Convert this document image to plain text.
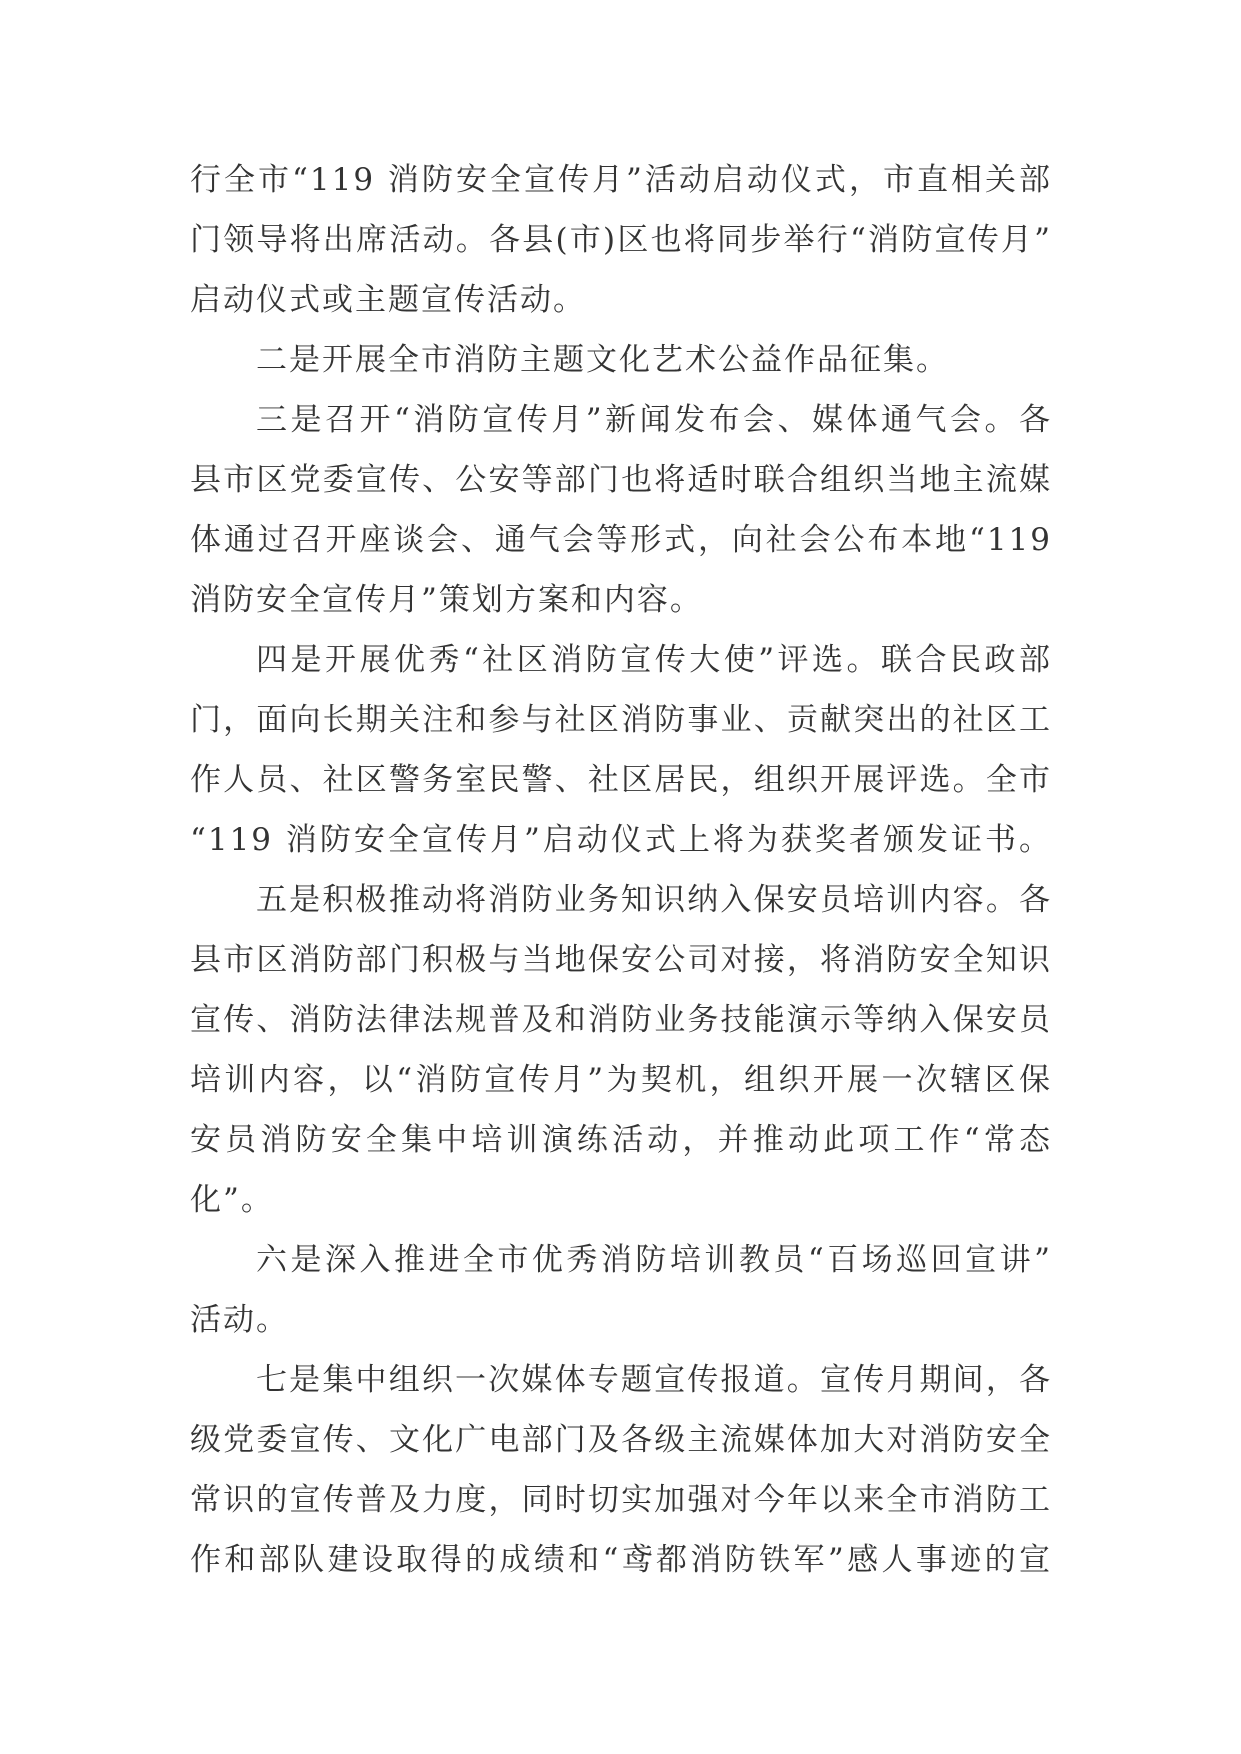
行全市“119 消防安全宣传月”活动启动仪式，市直相关部
门领导将出席活动。各县(市)区也将同步举行“消防宣传月”
启动仪式或主题宣传活动。
二是开展全市消防主题文化艺术公益作品征集。
三是召开“消防宣传月”新闻发布会、媒体通气会。各
县市区党委宣传、公安等部门也将适时联合组织当地主流媒
体通过召开座谈会、通气会等形式，向社会公布本地“119
消防安全宣传月”策划方案和内容。
四是开展优秀“社区消防宣传大使”评选。联合民政部
门，面向长期关注和参与社区消防事业、贡献突出的社区工
作人员、社区警务室民警、社区居民，组织开展评选。全市
“119 消防安全宣传月”启动仪式上将为获奖者颁发证书。
五是积极推动将消防业务知识纳入保安员培训内容。各
县市区消防部门积极与当地保安公司对接，将消防安全知识
宣传、消防法律法规普及和消防业务技能演示等纳入保安员
培训内容，以“消防宣传月”为契机，组织开展一次辖区保
安员消防安全集中培训演练活动，并推动此项工作“常态
化”。
六是深入推进全市优秀消防培训教员“百场巡回宣讲”
活动。
七是集中组织一次媒体专题宣传报道。宣传月期间，各
级党委宣传、文化广电部门及各级主流媒体加大对消防安全
常识的宣传普及力度，同时切实加强对今年以来全市消防工
作和部队建设取得的成绩和“鸢都消防铁军”感人事迹的宣
